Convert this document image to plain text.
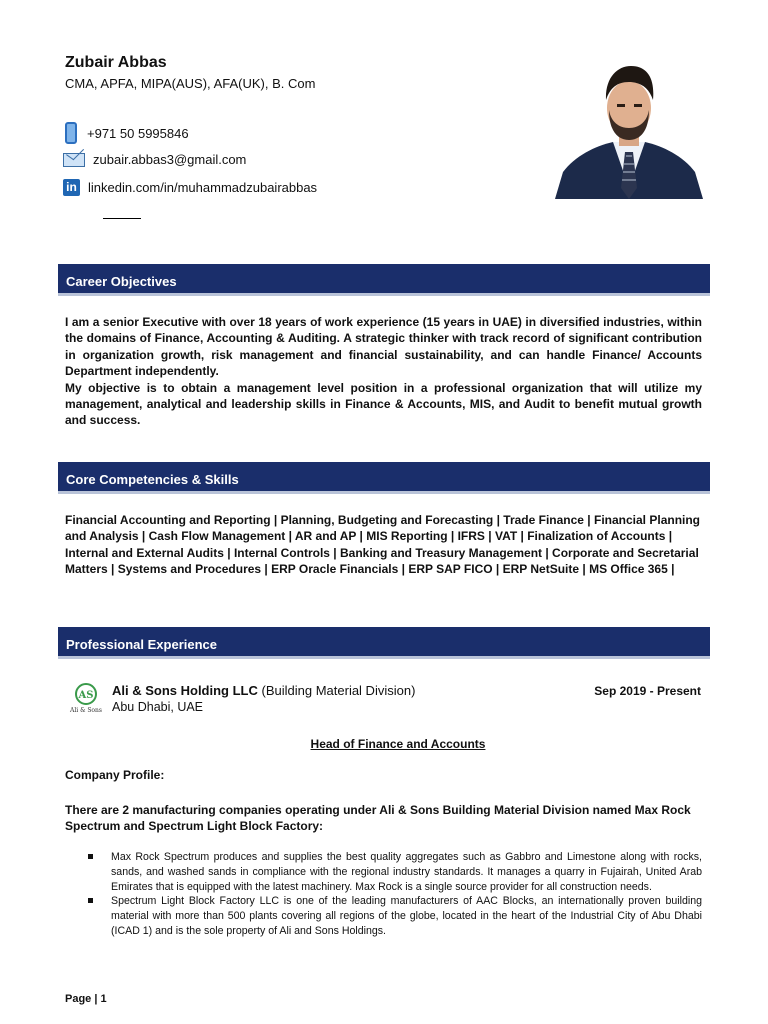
Zubair Abbas
CMA, APFA, MIPA(AUS), AFA(UK), B. Com
+971 50 5995846
zubair.abbas3@gmail.com
in linkedin.com/in/muhammadzubairabbas
Career Objectives

I am a senior Executive with over 18 years of work experience (15 years in UAE) in diversified industries, within the domains of Finance, Accounting & Auditing. A strategic thinker with track record of significant contribution in organization growth, risk management and financial sustainability, and can handle Finance/ Accounts Department independently.

My objective is to obtain a management level position in a professional organization that will utilize my management, analytical and leadership skills in Finance & Accounts, MIS, and Audit to benefit mutual growth and success.

Core Competencies & Skills
Financial Accounting and Reporting | Planning, Budgeting and Forecasting | Trade Finance | Financial Planning and Analysis | Cash Flow Management | AR and AP | MIS Reporting | IFRS | VAT | Finalization of Accounts | Internal and External Audits | Internal Controls | Banking and Treasury Management | Corporate and Secretarial Matters | Systems and Procedures | ERP Oracle Financials | ERP SAP FICO | ERP NetSuite | MS Office 365 |
Professional Experience
AS
Ali & Sons
Ali & Sons Holding LLC (Building Material Division)
Abu Dhabi, UAE
Sep 2019 - Present
Head of Finance and Accounts
Company Profile:
There are 2 manufacturing companies operating under Ali & Sons Building Material Division named Max Rock Spectrum and Spectrum Light Block Factory:
Max Rock Spectrum produces and supplies the best quality aggregates such as Gabbro and Limestone along with rocks, sands, and washed sands in compliance with the regional industry standards. It manages a quarry in Fujairah, United Arab Emirates that is equipped with the latest machinery. Max Rock is a single source provider for all construction needs.
Spectrum Light Block Factory LLC is one of the leading manufacturers of AAC Blocks, an internationally proven building material with more than 500 plants covering all regions of the globe, located in the heart of the Industrial City of Abu Dhabi (ICAD 1) and is the sole property of Ali and Sons Holdings.
Page | 1
